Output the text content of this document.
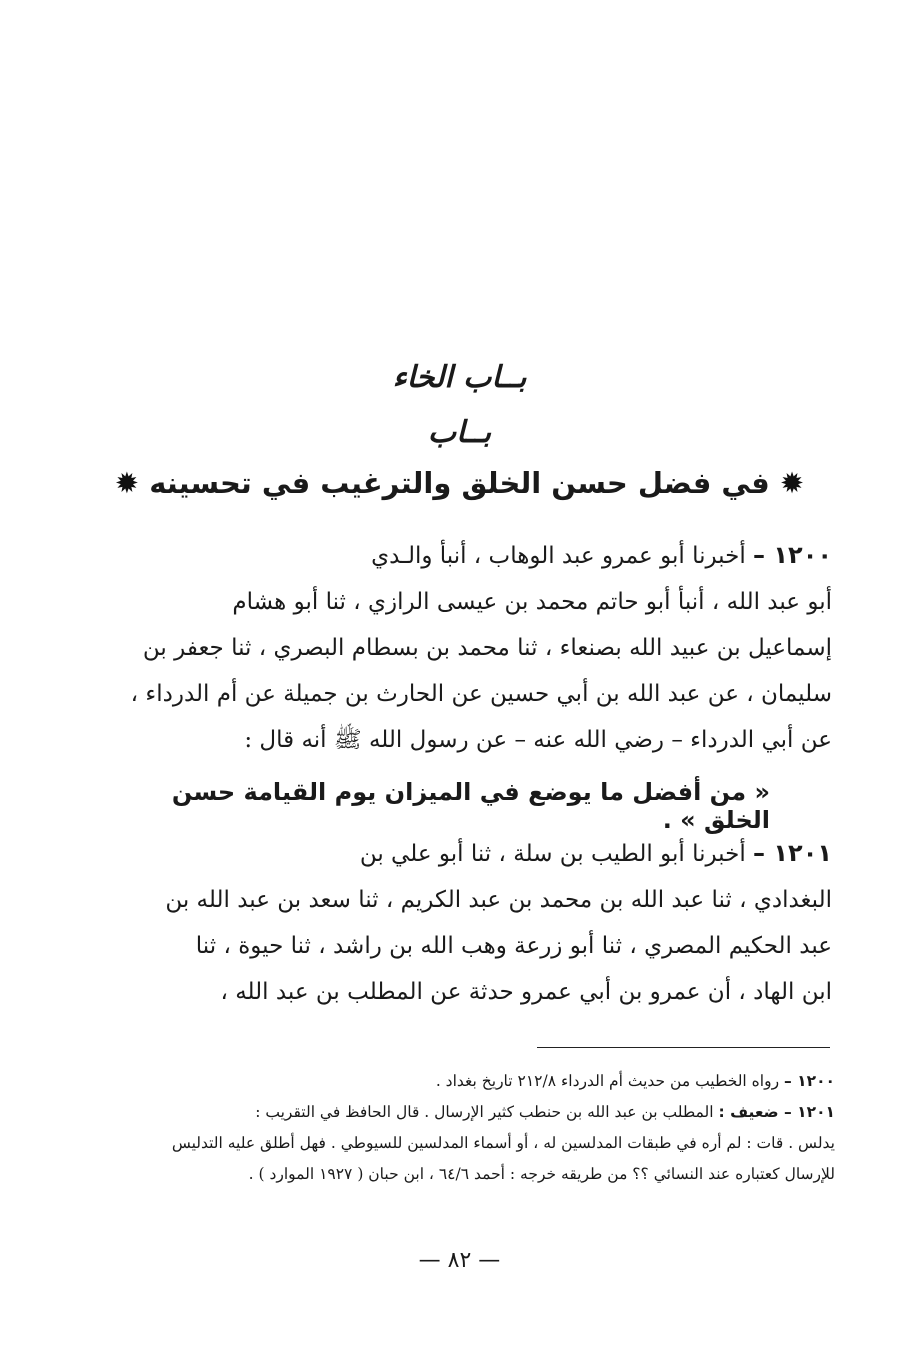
بــاب الخاء
بــاب
✹ في فضل حسن الخلق والترغيب في تحسينه ✹
١٢٠٠ – أخبرنا أبو عمرو عبد الوهاب ، أنبأ والـدي
أبو عبد الله ، أنبأ أبو حاتم محمد بن عيسى الرازي ، ثنا أبو هشام
إسماعيل بن عبيد الله بصنعاء ، ثنا محمد بن بسطام البصري ، ثنا جعفر بن
سليمان ، عن عبد الله بن أبي حسين عن الحارث بن جميلة عن أم الدرداء ،
عن أبي الدرداء – رضي الله عنه – عن رسول الله ﷺ أنه قال :
« من أفضل ما يوضع في الميزان يوم القيامة حسن الخلق » .
١٢٠١ – أخبرنا أبو الطيب بن سلة ، ثنا أبو علي بن
البغدادي ، ثنا عبد الله بن محمد بن عبد الكريم ، ثنا سعد بن عبد الله بن
عبد الحكيم المصري ، ثنا أبو زرعة وهب الله بن راشد ، ثنا حيوة ، ثنا
ابن الهاد ، أن عمرو بن أبي عمرو حدثة عن المطلب بن عبد الله ،
١٢٠٠ – رواه الخطيب من حديث أم الدرداء ٢١٢/٨ تاريخ بغداد .
١٢٠١ – ضعيف : المطلب بن عبد الله بن حنطب كثير الإرسال . قال الحافظ في التقريب :
يدلس . قات : لم أره في طبقات المدلسين له ، أو أسماء المدلسين للسيوطي . فهل أطلق عليه التدليس
للإرسال كعتباره عند النسائي ؟؟ من طريقه خرجه : أحمد ٦٤/٦ ، ابن حبان ( ١٩٢٧ الموارد ) .
— ٨٢ —
